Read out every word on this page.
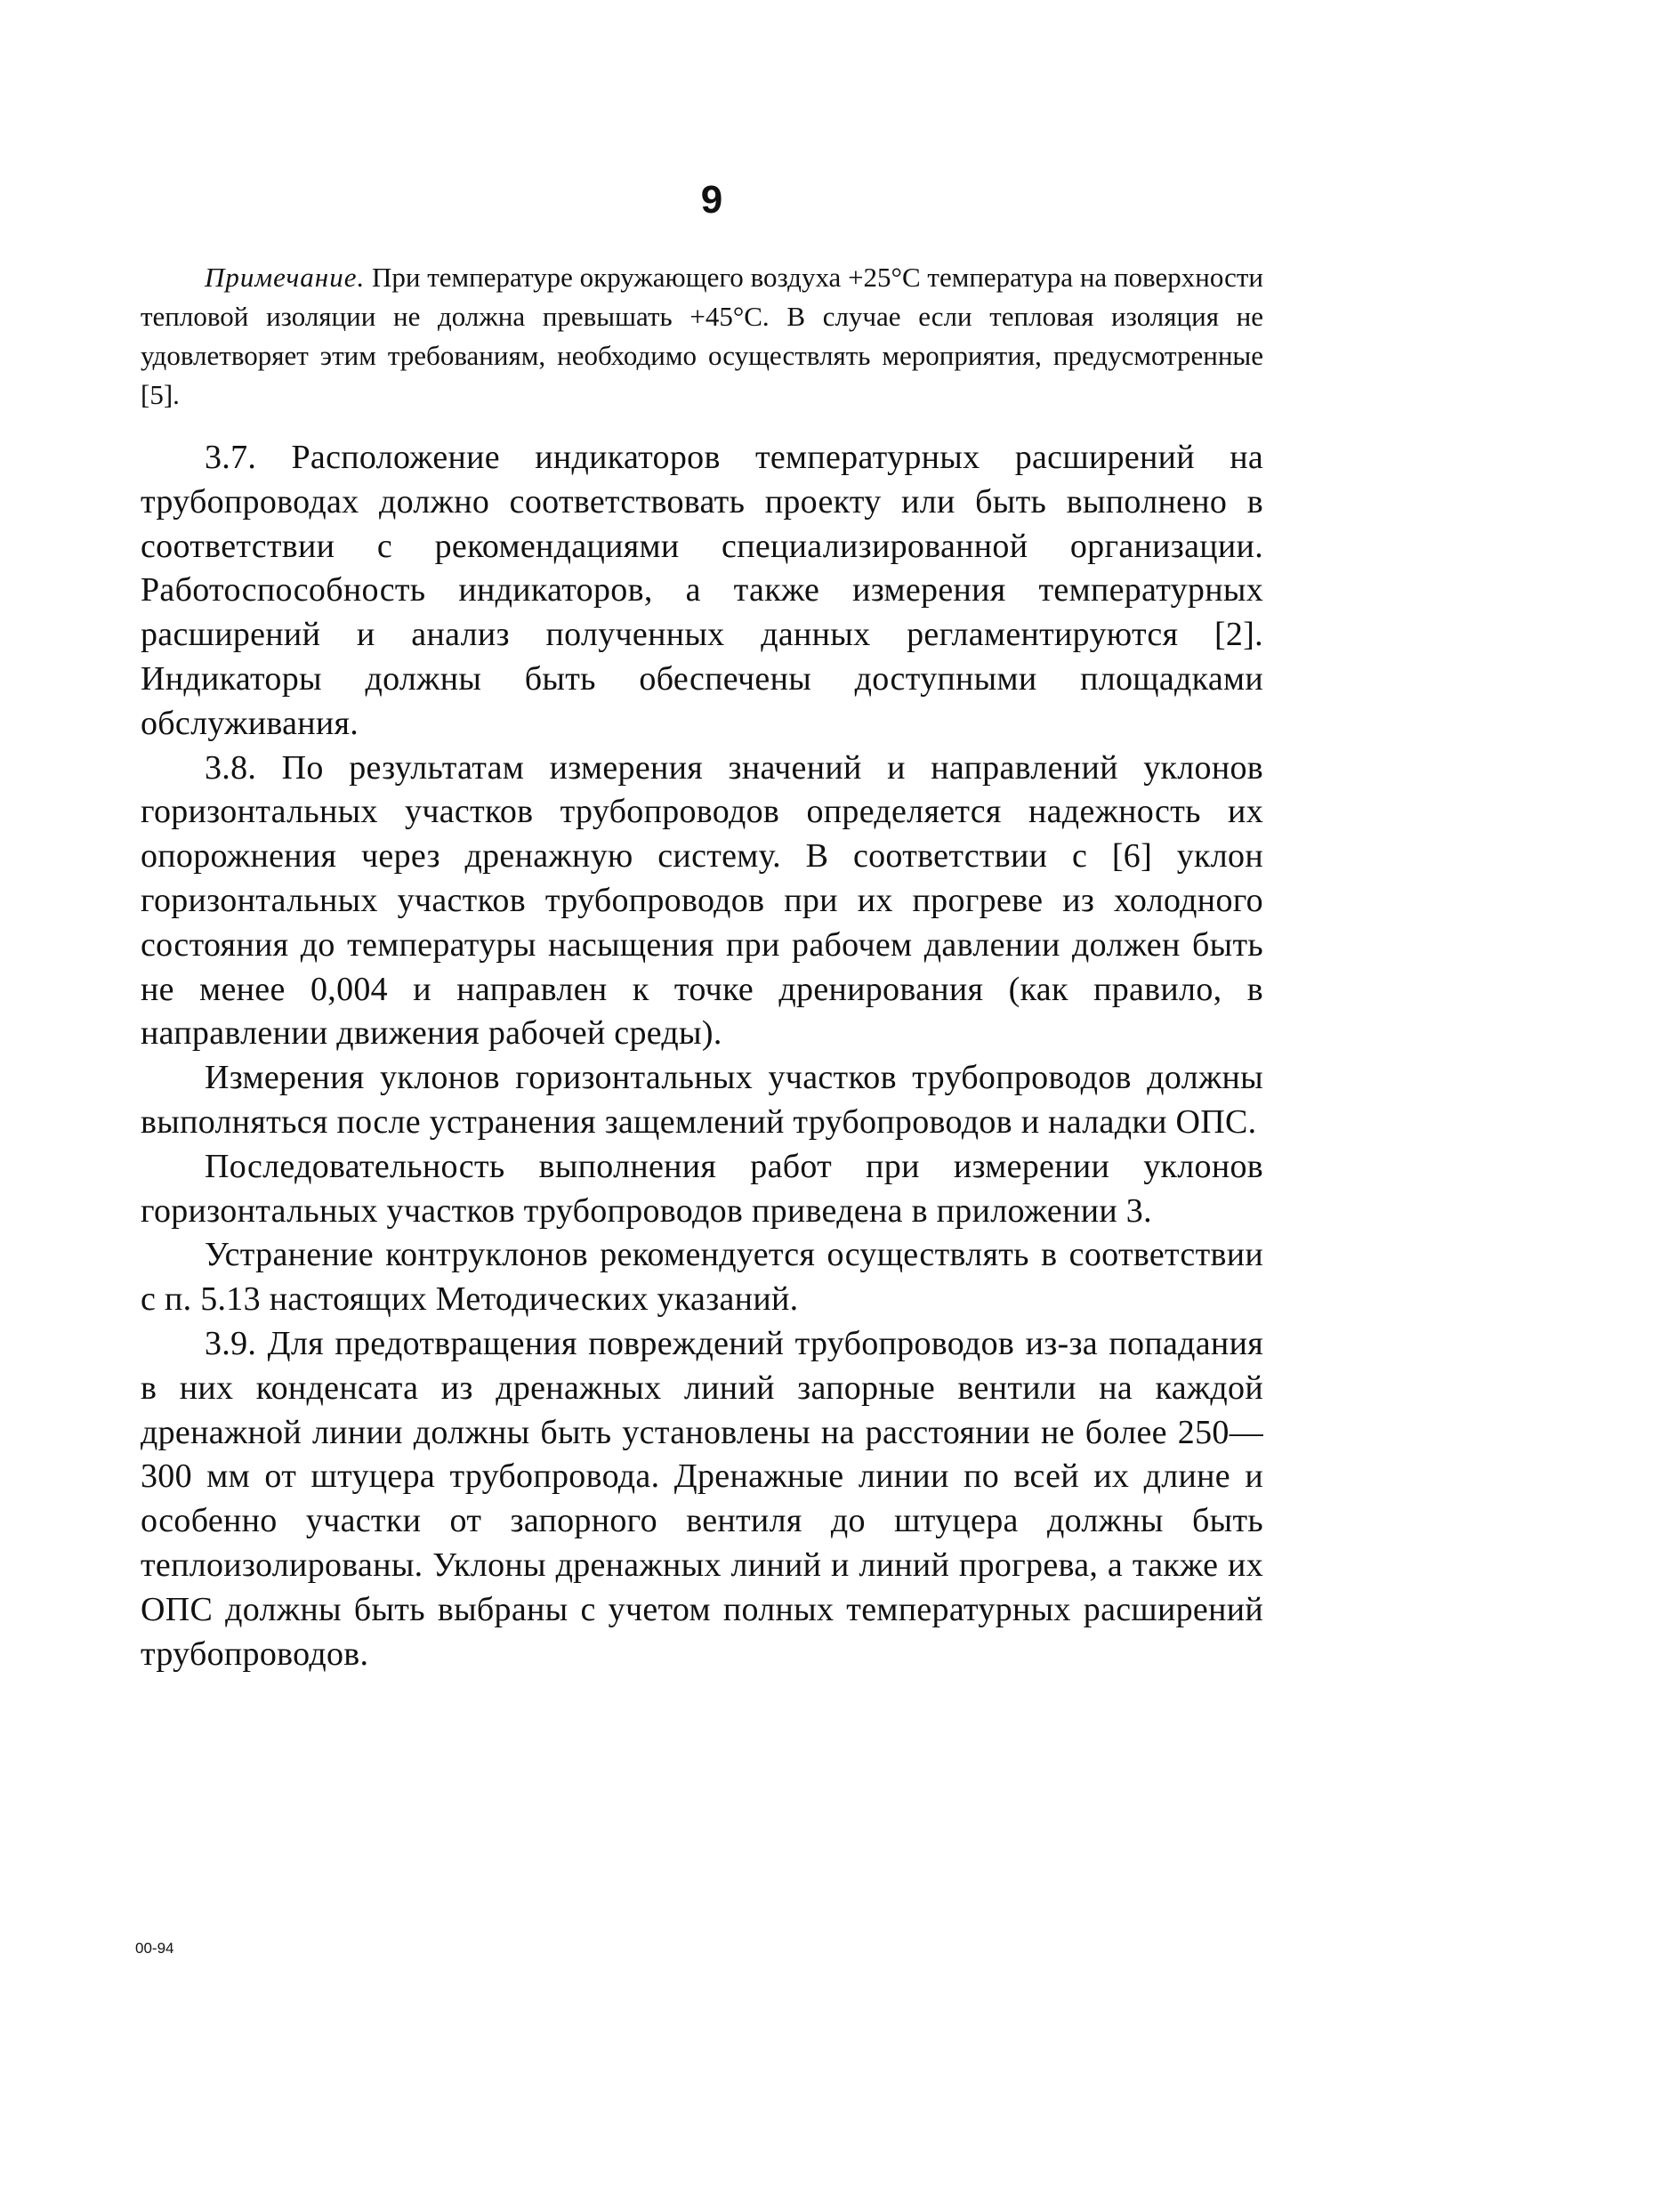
9

Примечание. При температуре окружающего воздуха +25°С температура на поверхности тепловой изоляции не должна превышать +45°С. В случае если тепловая изоляция не удовлетворяет этим требованиям, необходимо осуществлять мероприятия, предусмотренные [5].

3.7. Расположение индикаторов температурных расширений на трубопроводах должно соответствовать проекту или быть выполнено в соответствии с рекомендациями специализированной организации. Работоспособность индикаторов, а также измерения температурных расширений и анализ полученных данных регламентируются [2]. Индикаторы должны быть обеспечены доступными площадками обслуживания.

3.8. По результатам измерения значений и направлений уклонов горизонтальных участков трубопроводов определяется надежность их опорожнения через дренажную систему. В соответствии с [6] уклон горизонтальных участков трубопроводов при их прогреве из холодного состояния до температуры насыщения при рабочем давлении должен быть не менее 0,004 и направлен к точке дренирования (как правило, в направлении движения рабочей среды).

Измерения уклонов горизонтальных участков трубопроводов должны выполняться после устранения защемлений трубопроводов и наладки ОПС.

Последовательность выполнения работ при измерении уклонов горизонтальных участков трубопроводов приведена в приложении 3.

Устранение контруклонов рекомендуется осуществлять в соответствии с п. 5.13 настоящих Методических указаний.

3.9. Для предотвращения повреждений трубопроводов из-за попадания в них конденсата из дренажных линий запорные вентили на каждой дренажной линии должны быть установлены на расстоянии не более 250—300 мм от штуцера трубопровода. Дренажные линии по всей их длине и особенно участки от запорного вентиля до штуцера должны быть теплоизолированы. Уклоны дренажных линий и линий прогрева, а также их ОПС должны быть выбраны с учетом полных температурных расширений трубопроводов.

00-94
